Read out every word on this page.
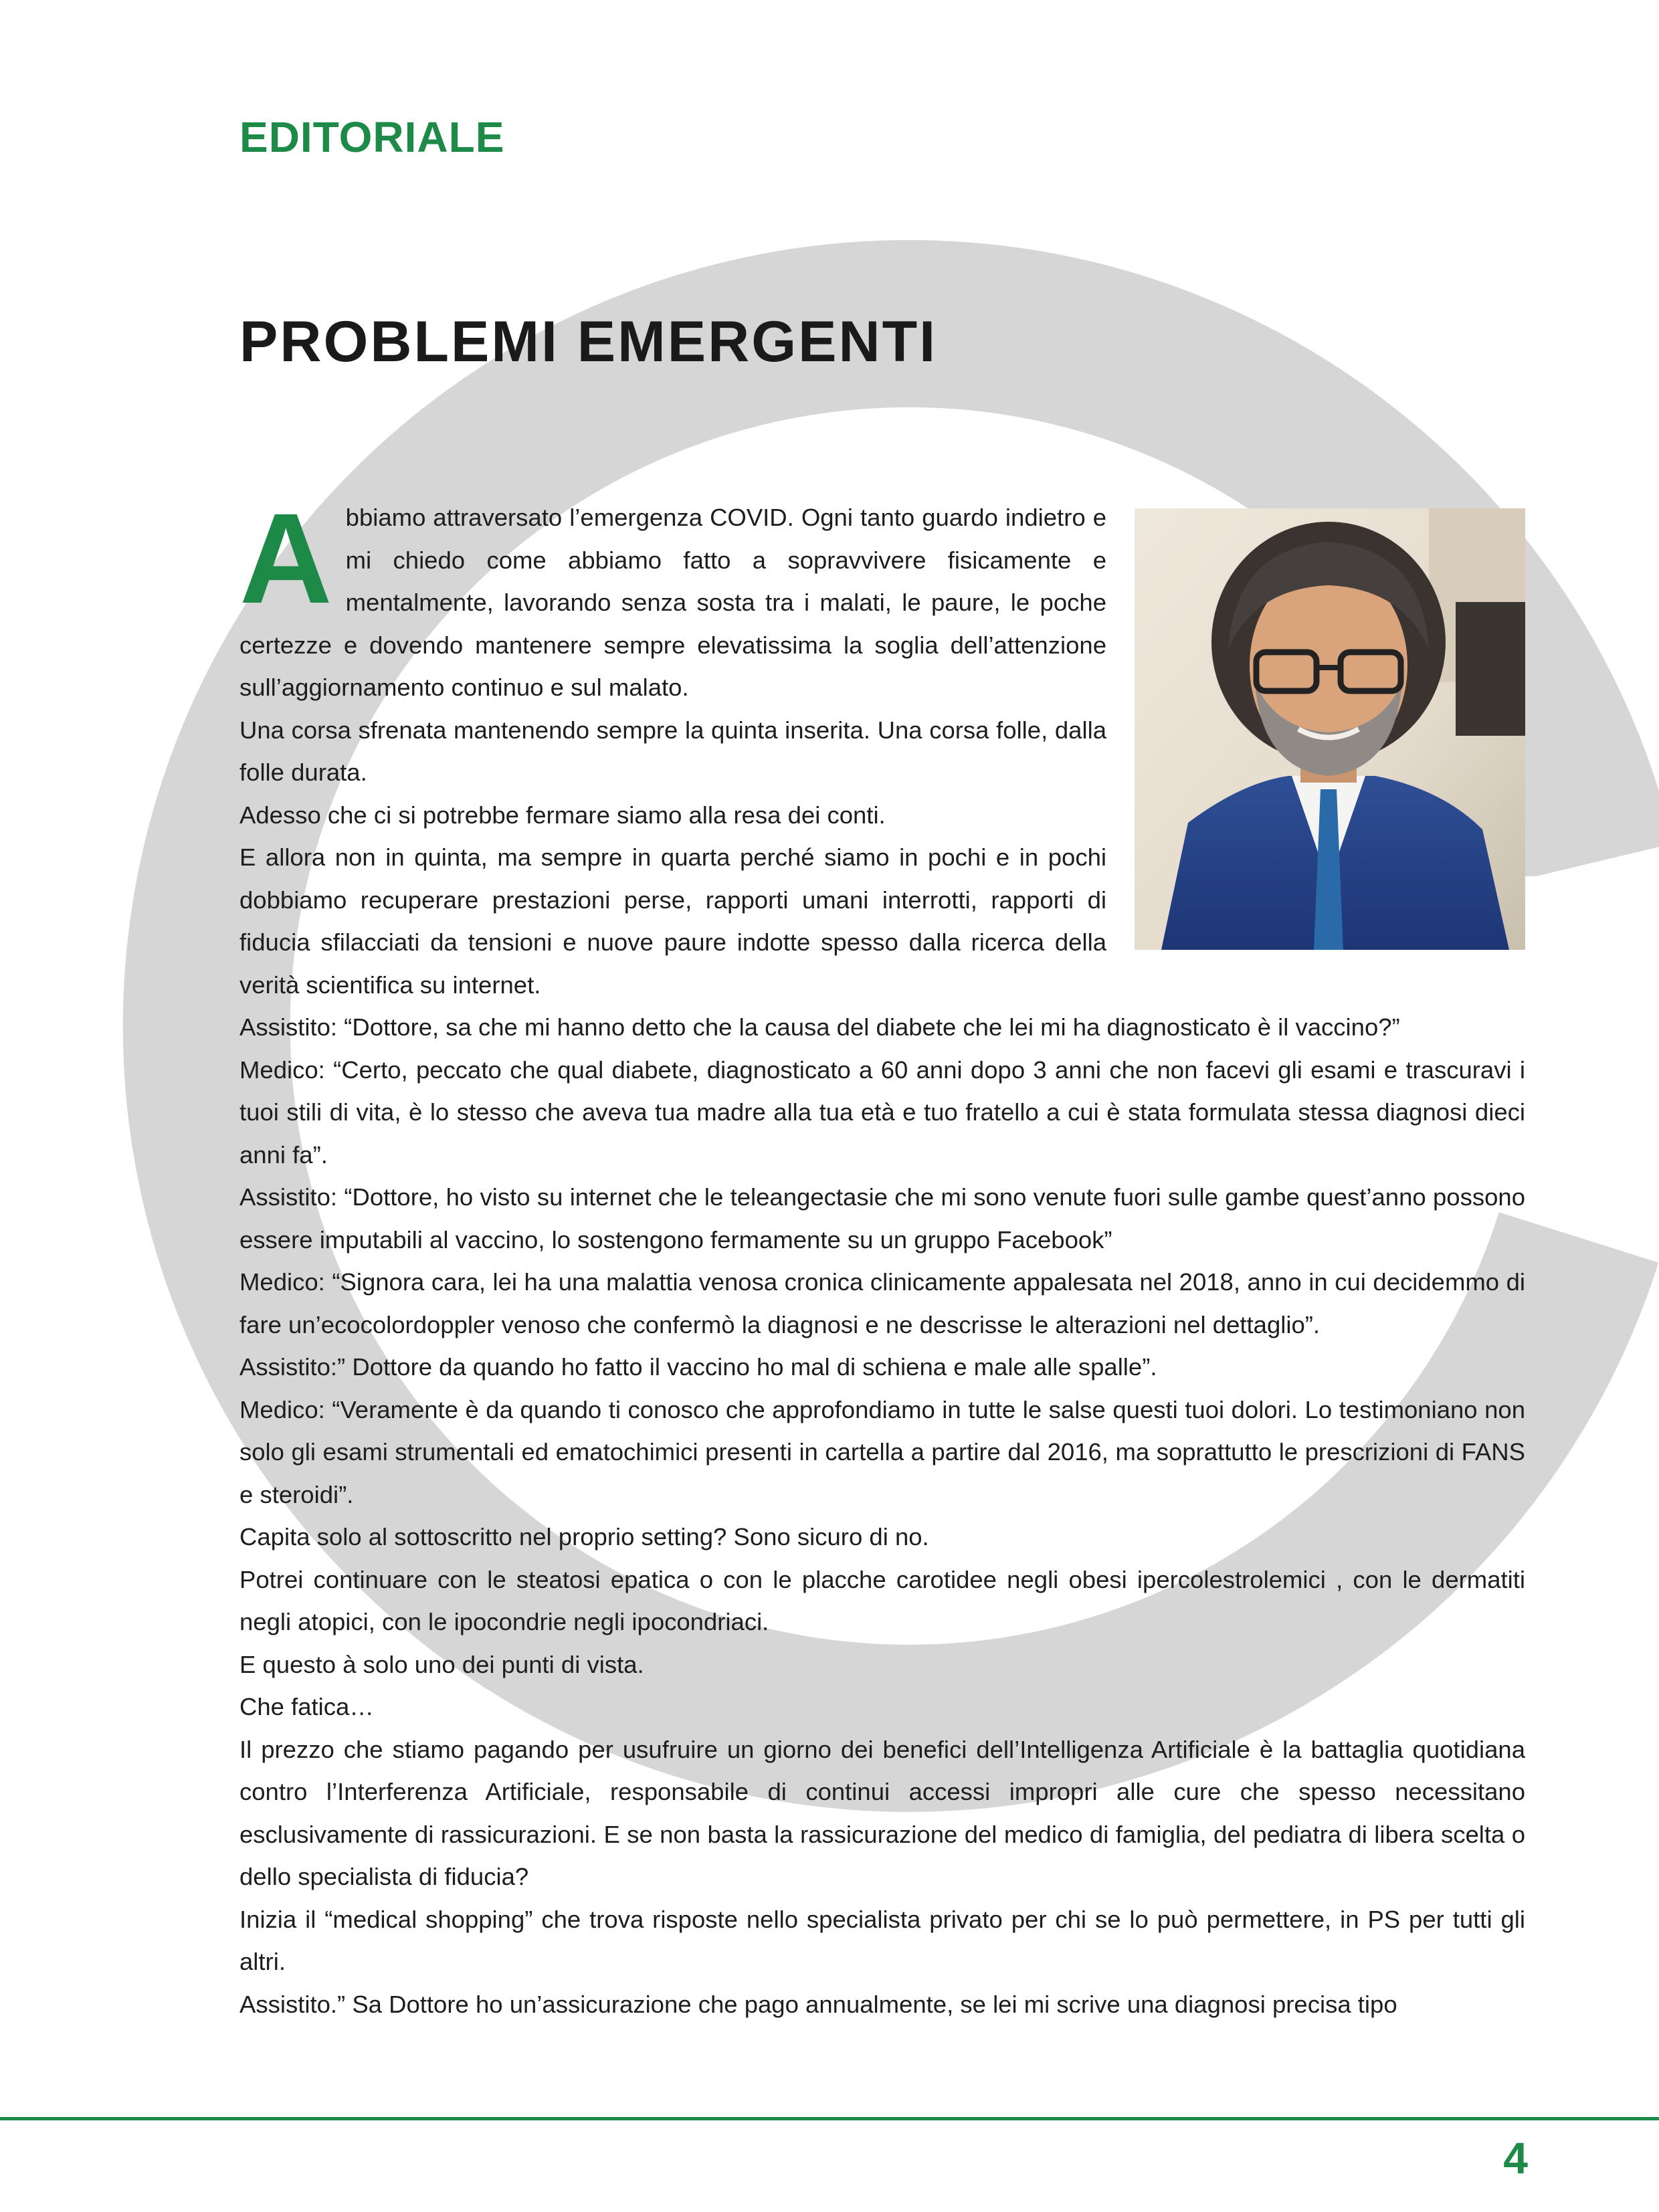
EDITORIALE
PROBLEMI EMERGENTI

Abbiamo attraversato l’emergenza COVID. Ogni tanto guardo indietro e mi chiedo come abbiamo fatto a sopravvivere fisicamente e mentalmente, lavorando senza sosta tra i malati, le paure, le poche certezze e dovendo mantenere sempre elevatissima la soglia dell’attenzione sull’aggiornamento continuo e sul malato.

Una corsa sfrenata mantenendo sempre la quinta inserita. Una corsa folle, dalla folle durata.

Adesso che ci si potrebbe fermare siamo alla resa dei conti.

E allora non in quinta, ma sempre in quarta perché siamo in pochi e in pochi dobbiamo recuperare prestazioni perse, rapporti umani interrotti, rapporti di fiducia sfilacciati da tensioni e nuove paure indotte spesso dalla ricerca della verità scientifica su internet.

Assistito: “Dottore, sa che mi hanno detto che la causa del diabete che lei mi ha diagnosticato è il vaccino?”

Medico: “Certo, peccato che qual diabete, diagnosticato a 60 anni dopo 3 anni che non facevi gli esami e trascuravi i tuoi stili di vita, è lo stesso che aveva tua madre alla tua età e tuo fratello a cui è stata formulata stessa diagnosi dieci anni fa”.

Assistito: “Dottore, ho visto su internet che le teleangectasie che mi sono venute fuori sulle gambe quest’anno possono essere imputabili al vaccino, lo sostengono fermamente su un gruppo Facebook”

Medico: “Signora cara, lei ha una malattia venosa cronica clinicamente appalesata nel 2018, anno in cui decidemmo di fare un’ecocolordoppler venoso che confermò la diagnosi e ne descrisse le alterazioni nel dettaglio”.

Assistito:” Dottore da quando ho fatto il vaccino ho mal di schiena e male alle spalle”.

Medico: “Veramente è da quando ti conosco che approfondiamo in tutte le salse questi tuoi dolori. Lo testimoniano non solo gli esami strumentali ed ematochimici presenti in cartella a partire dal 2016, ma soprattutto le prescrizioni di FANS e steroidi”.

Capita solo al sottoscritto nel proprio setting? Sono sicuro di no.

Potrei continuare con le steatosi epatica o con le placche carotidee negli obesi ipercolestrolemici , con le dermatiti negli atopici, con le ipocondrie negli ipocondriaci.

E questo à solo uno dei punti di vista.

Che fatica…

Il prezzo che stiamo pagando per usufruire un giorno dei benefici dell’Intelligenza Artificiale è la battaglia quotidiana contro l’Interferenza Artificiale, responsabile di continui accessi impropri alle cure che spesso necessitano esclusivamente di rassicurazioni. E se non basta la rassicurazione del medico di famiglia, del pediatra di libera scelta o dello specialista di fiducia?

Inizia il “medical shopping” che trova risposte nello specialista privato per chi se lo può permettere, in PS per tutti gli altri.

Assistito.” Sa Dottore ho un’assicurazione che pago annualmente, se lei mi scrive una diagnosi precisa tipo

4
